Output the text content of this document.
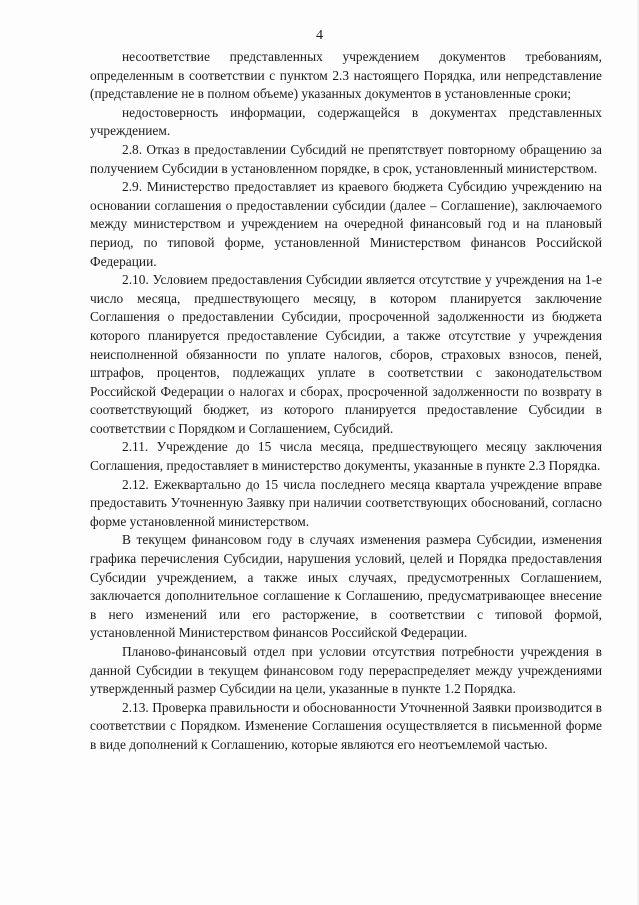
4

несоответствие представленных учреждением документов требованиям, определенным в соответствии с пунктом 2.3 настоящего Порядка, или непредставление (представление не в полном объеме) указанных документов в установленные сроки;

недостоверность информации, содержащейся в документах представленных учреждением.

2.8. Отказ в предоставлении Субсидий не препятствует повторному обращению за получением Субсидии в установленном порядке, в срок, установленный министерством.

2.9. Министерство предоставляет из краевого бюджета Субсидию учреждению на основании соглашения о предоставлении субсидии (далее – Соглашение), заключаемого между министерством и учреждением на очередной финансовый год и на плановый период, по типовой форме, установленной Министерством финансов Российской Федерации.

2.10. Условием предоставления Субсидии является отсутствие у учреждения на 1-е число месяца, предшествующего месяцу, в котором планируется заключение Соглашения о предоставлении Субсидии, просроченной задолженности из бюджета которого планируется предоставление Субсидии, а также отсутствие у учреждения неисполненной обязанности по уплате налогов, сборов, страховых взносов, пеней, штрафов, процентов, подлежащих уплате в соответствии с законодательством Российской Федерации о налогах и сборах, просроченной задолженности по возврату в соответствующий бюджет, из которого планируется предоставление Субсидии в соответствии с Порядком и Соглашением, Субсидий.

2.11. Учреждение до 15 числа месяца, предшествующего месяцу заключения Соглашения, предоставляет в министерство документы, указанные в пункте 2.3 Порядка.

2.12. Ежеквартально до 15 числа последнего месяца квартала учреждение вправе предоставить Уточненную Заявку при наличии соответствующих обоснований, согласно форме установленной министерством.

В текущем финансовом году в случаях изменения размера Субсидии, изменения графика перечисления Субсидии, нарушения условий, целей и Порядка предоставления Субсидии учреждением, а также иных случаях, предусмотренных Соглашением, заключается дополнительное соглашение к Соглашению, предусматривающее внесение в него изменений или его расторжение, в соответствии с типовой формой, установленной Министерством финансов Российской Федерации.

Планово-финансовый отдел при условии отсутствия потребности учреждения в данной Субсидии в текущем финансовом году перераспределяет между учреждениями утвержденный размер Субсидии на цели, указанные в пункте 1.2 Порядка.

2.13. Проверка правильности и обоснованности Уточненной Заявки производится в соответствии с Порядком. Изменение Соглашения осуществляется в письменной форме в виде дополнений к Соглашению, которые являются его неотъемлемой частью.
